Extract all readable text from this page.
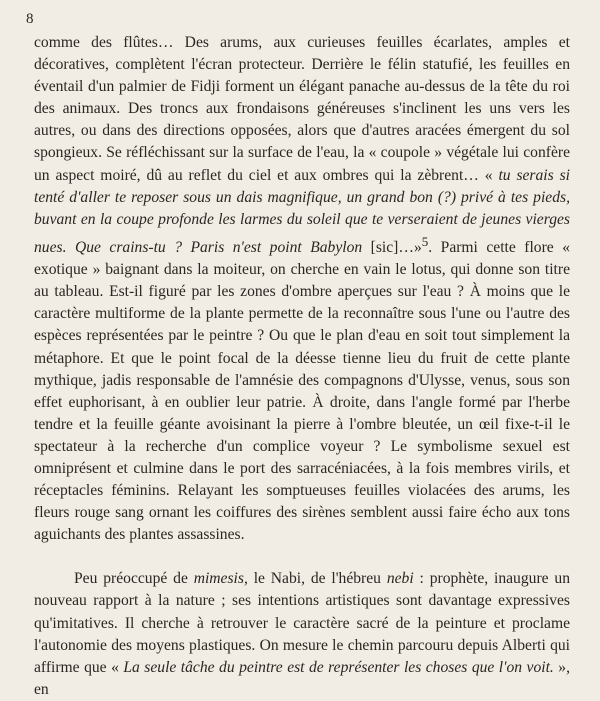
8

comme des flûtes… Des arums, aux curieuses feuilles écarlates, amples et décoratives, complètent l'écran protecteur. Derrière le félin statufié, les feuilles en éventail d'un palmier de Fidji forment un élégant panache au-dessus de la tête du roi des animaux. Des troncs aux frondaisons généreuses s'inclinent les uns vers les autres, ou dans des directions opposées, alors que d'autres aracées émergent du sol spongieux. Se réfléchissant sur la surface de l'eau, la « coupole » végétale lui confère un aspect moiré, dû au reflet du ciel et aux ombres qui la zèbrent… « tu serais si tenté d'aller te reposer sous un dais magnifique, un grand bon (?) privé à tes pieds, buvant en la coupe profonde les larmes du soleil que te verseraient de jeunes vierges nues. Que crains-tu ? Paris n'est point Babylon [sic]…»$^5$. Parmi cette flore « exotique » baignant dans la moiteur, on cherche en vain le lotus, qui donne son titre au tableau. Est-il figuré par les zones d'ombre aperçues sur l'eau ? À moins que le caractère multiforme de la plante permette de la reconnaître sous l'une ou l'autre des espèces représentées par le peintre ? Ou que le plan d'eau en soit tout simplement la métaphore. Et que le point focal de la déesse tienne lieu du fruit de cette plante mythique, jadis responsable de l'amnésie des compagnons d'Ulysse, venus, sous son effet euphorisant, à en oublier leur patrie. À droite, dans l'angle formé par l'herbe tendre et la feuille géante avoisinant la pierre à l'ombre bleutée, un œil fixe-t-il le spectateur à la recherche d'un complice voyeur ? Le symbolisme sexuel est omniprésent et culmine dans le port des sarracéniacées, à la fois membres virils, et réceptacles féminins. Relayant les somptueuses feuilles violacées des arums, les fleurs rouge sang ornant les coiffures des sirènes semblent aussi faire écho aux tons aguichants des plantes assassines.

Peu préoccupé de mimesis, le Nabi, de l'hébreu nebi : prophète, inaugure un nouveau rapport à la nature ; ses intentions artistiques sont davantage expressives qu'imitatives. Il cherche à retrouver le caractère sacré de la peinture et proclame l'autonomie des moyens plastiques. On mesure le chemin parcouru depuis Alberti qui affirme que « La seule tâche du peintre est de représenter les choses que l'on voit. », en
